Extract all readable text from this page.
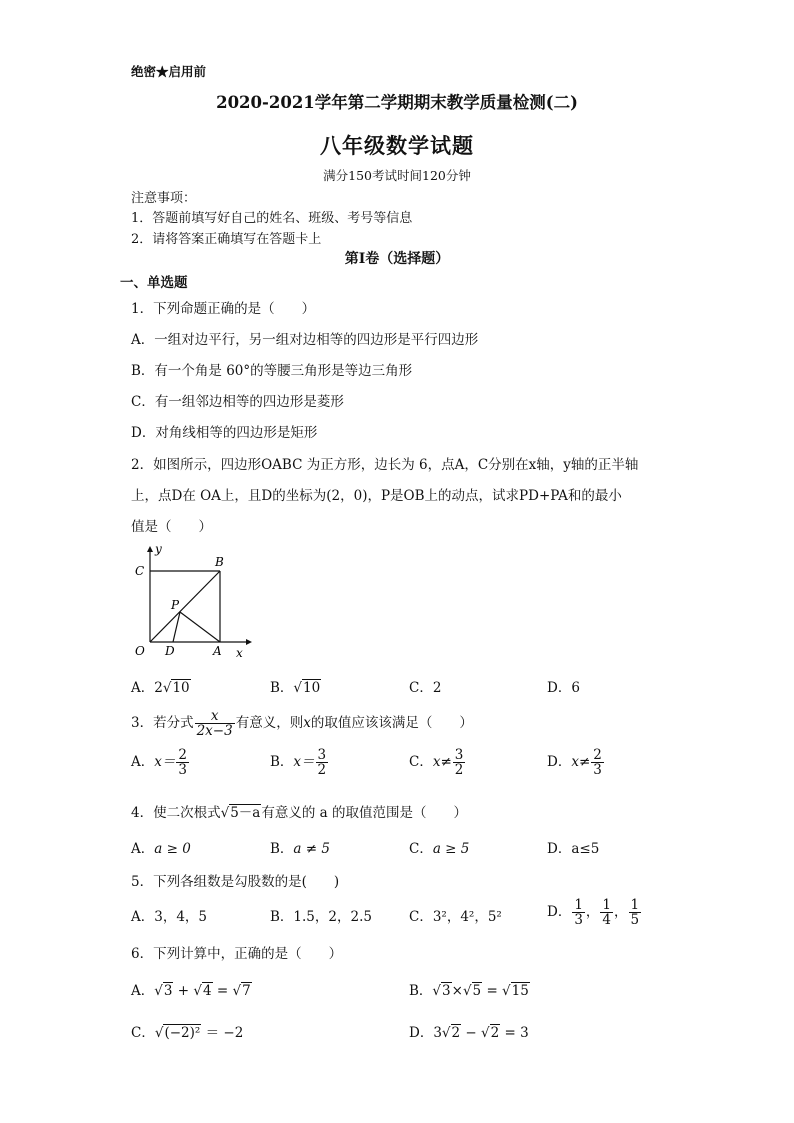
绝密★启用前
2020-2021学年第二学期期末教学质量检测(二)
八年级数学试题
满分150考试时间120分钟
注意事项：
1．答题前填写好自己的姓名、班级、考号等信息
2．请将答案正确填写在答题卡上
第I卷（选择题）
一、单选题
1．下列命题正确的是（　　）
A．一组对边平行，另一组对边相等的四边形是平行四边形
B．有一个角是 60°的等腰三角形是等边三角形
C．有一组邻边相等的四边形是菱形
D．对角线相等的四边形是矩形
2．如图所示，四边形OABC 为正方形，边长为 6，点A，C分别在x轴，y轴的正半轴
上，点D在 OA上，且D的坐标为(2，0)，P是OB上的动点，试求PD+PA和的最小
值是（　　）
y
x
B
C
P
O D	A
A．2√10	B．√10	C．2	D．6
3．若分式 $\frac{x}{2x-3}$ 有意义，则x的取值应该该满足（　　）
A．$x= \frac{2}{3}$	B．$x= \frac{3}{2}$	C．$x\ne \frac{3}{2}$	D．$x\ne \frac{2}{3}$
4．使二次根式√5－a有意义的 a 的取值范围是（　　）
A．a ≥ 0	B．a ≠ 5	C．a ≥ 5	D．a≤5
5．下列各组数是勾股数的是(　　)
A．3，4，5	B．1.5，2，2.5	C．3²，4²，5²	D． $\frac{1}{3}$ ， $\frac{1}{4}$ ， $\frac{1}{5}$
6．下列计算中，正确的是（　　）
A．√3 + √4 = √7	B．√3×√5 = √15
C．√(−2)² ＝ −2	D．3√2 − √2 = 3
